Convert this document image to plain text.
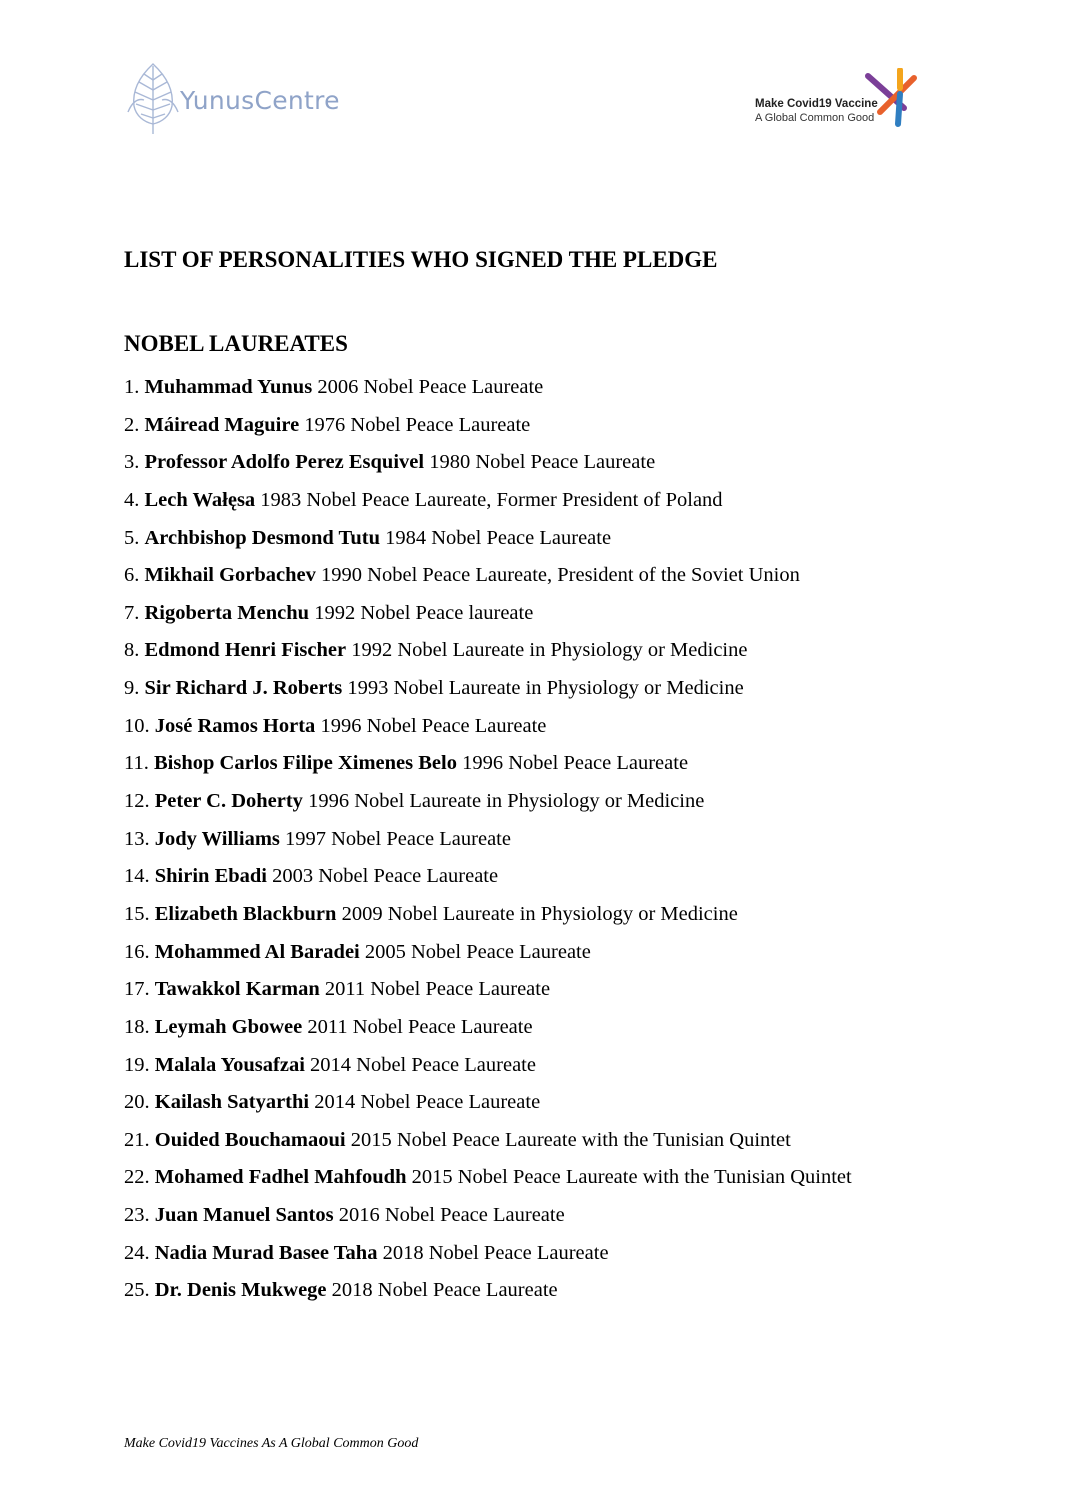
YunusCentre	Make Covid19 Vaccine
A Global Common Good
LIST OF PERSONALITIES WHO SIGNED THE PLEDGE
NOBEL LAUREATES
1. Muhammad Yunus 2006 Nobel Peace Laureate
2. Máiread Maguire 1976 Nobel Peace Laureate
3. Professor Adolfo Perez Esquivel 1980 Nobel Peace Laureate
4. Lech Wałęsa 1983 Nobel Peace Laureate, Former President of Poland
5. Archbishop Desmond Tutu 1984 Nobel Peace Laureate
6. Mikhail Gorbachev 1990 Nobel Peace Laureate, President of the Soviet Union
7. Rigoberta Menchu 1992 Nobel Peace laureate
8. Edmond Henri Fischer 1992 Nobel Laureate in Physiology or Medicine
9. Sir Richard J. Roberts 1993 Nobel Laureate in Physiology or Medicine
10. José Ramos Horta 1996 Nobel Peace Laureate
11. Bishop Carlos Filipe Ximenes Belo 1996 Nobel Peace Laureate
12. Peter C. Doherty 1996 Nobel Laureate in Physiology or Medicine
13. Jody Williams 1997 Nobel Peace Laureate
14. Shirin Ebadi 2003 Nobel Peace Laureate
15. Elizabeth Blackburn 2009 Nobel Laureate in Physiology or Medicine
16. Mohammed Al Baradei 2005 Nobel Peace Laureate
17. Tawakkol Karman 2011 Nobel Peace Laureate
18. Leymah Gbowee 2011 Nobel Peace Laureate
19. Malala Yousafzai 2014 Nobel Peace Laureate
20. Kailash Satyarthi 2014 Nobel Peace Laureate
21. Ouided Bouchamaoui 2015 Nobel Peace Laureate with the Tunisian Quintet
22. Mohamed Fadhel Mahfoudh 2015 Nobel Peace Laureate with the Tunisian Quintet
23. Juan Manuel Santos 2016 Nobel Peace Laureate
24. Nadia Murad Basee Taha 2018 Nobel Peace Laureate
25. Dr. Denis Mukwege 2018 Nobel Peace Laureate
Make Covid19 Vaccines As A Global Common Good
